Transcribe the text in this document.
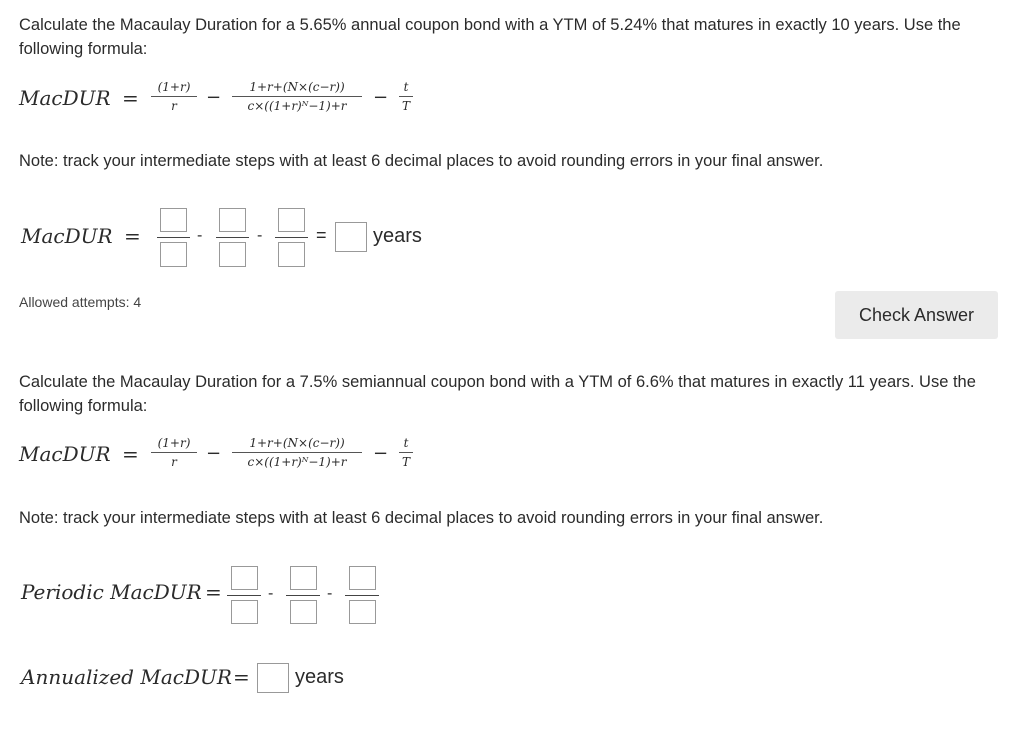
Calculate the Macaulay Duration for a 5.65% annual coupon bond with a YTM of 5.24% that matures in exactly 10 years. Use the following formula:
MacDUR =	(1+r)
r	−	1+r+(N×(c−r))
c×((1+r)ᴺ−1)+r	−	t
T
Note: track your intermediate steps with at least 6 decimal places to avoid rounding errors in your final answer.
MacDUR =	-	-	= years
Allowed attempts: 4
Check Answer
Calculate the Macaulay Duration for a 7.5% semiannual coupon bond with a YTM of 6.6% that matures in exactly 11 years. Use the following formula:
MacDUR =	(1+r)
r	−	1+r+(N×(c−r))
c×((1+r)ᴺ−1)+r	−	t
T
Note: track your intermediate steps with at least 6 decimal places to avoid rounding errors in your final answer.
Periodic MacDUR =	-	-
Annualized MacDUR = years
